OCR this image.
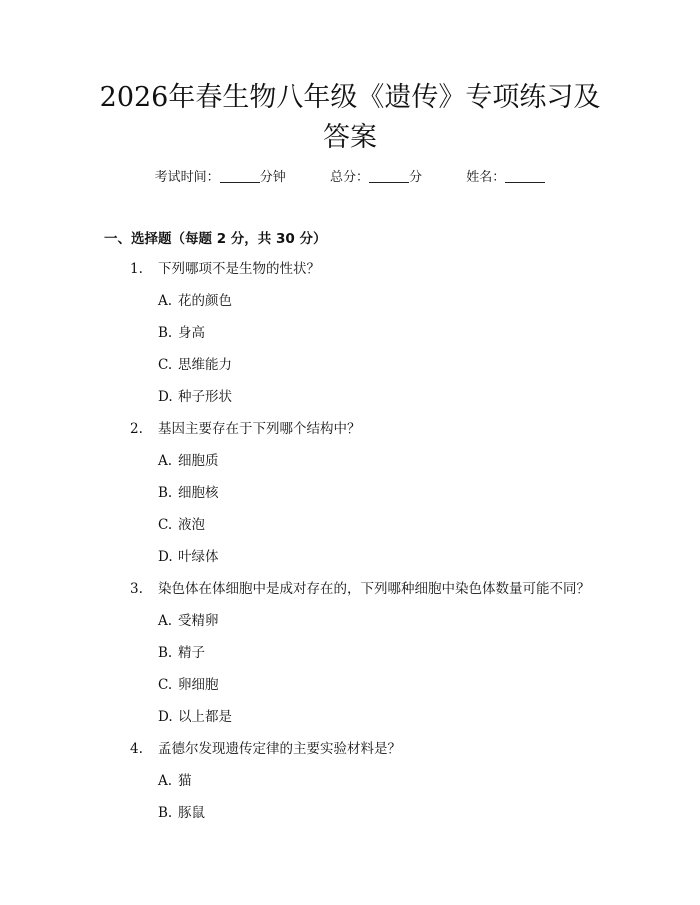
2026年春生物八年级《遗传》专项练习及答案
考试时间：	分钟	总分：	分	姓名：
一、选择题（每题 2 分，共 30 分）
1. 下列哪项不是生物的性状？
A. 花的颜色
B. 身高
C. 思维能力
D. 种子形状
2. 基因主要存在于下列哪个结构中？
A. 细胞质
B. 细胞核
C. 液泡
D. 叶绿体
3. 染色体在体细胞中是成对存在的，下列哪种细胞中染色体数量可能不同？
A. 受精卵
B. 精子
C. 卵细胞
D. 以上都是
4. 孟德尔发现遗传定律的主要实验材料是？
A. 猫
B. 豚鼠
